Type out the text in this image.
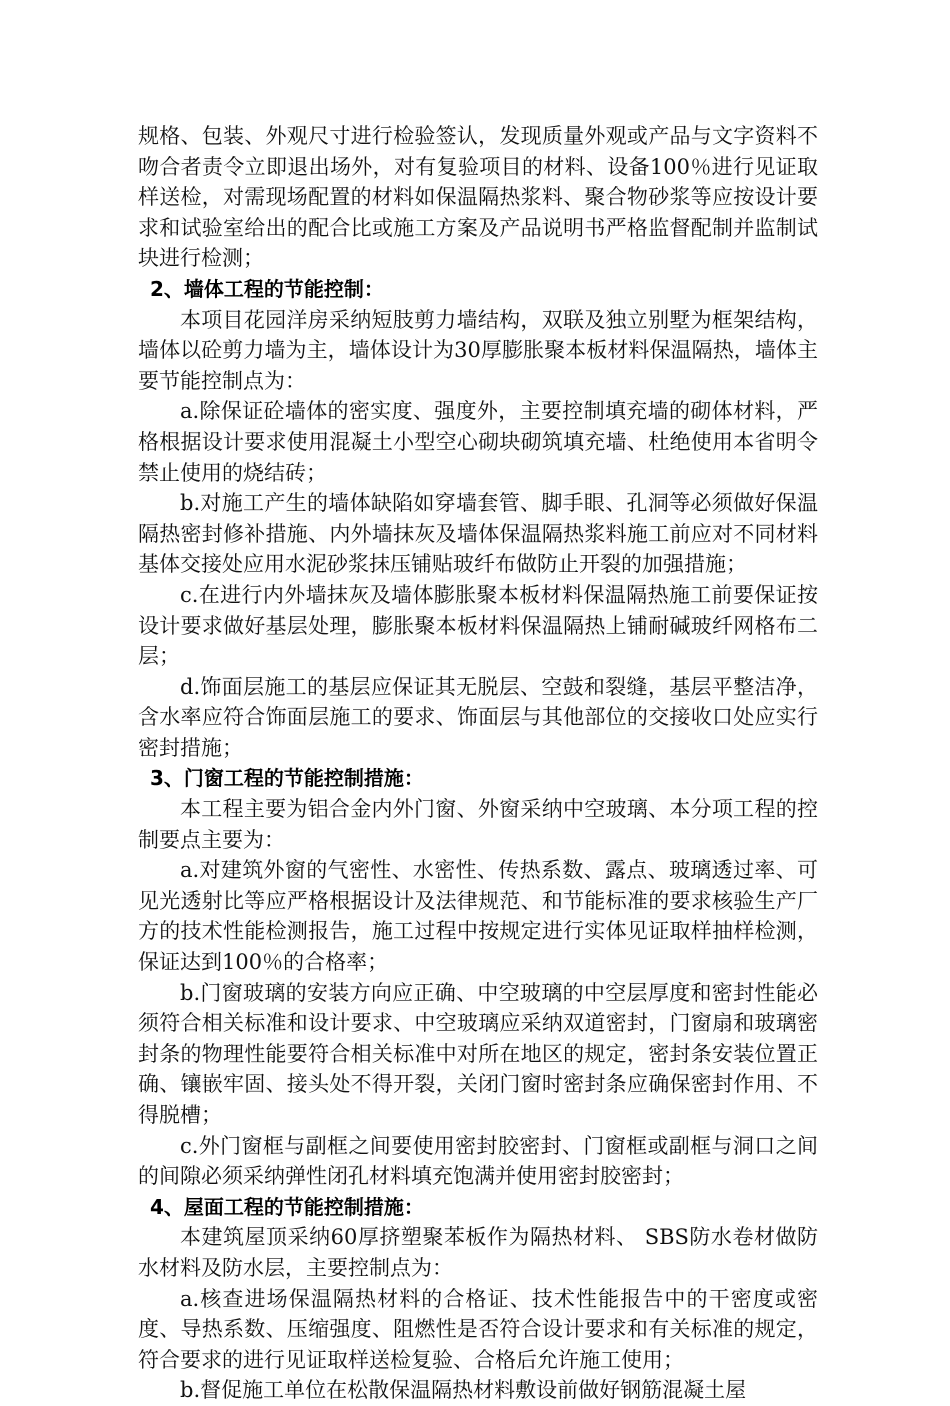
规格、包装、外观尺寸进行检验签认，发现质量外观或产品与文字资料不吻合者责令立即退出场外，对有复验项目的材料、设备100％进行见证取样送检，对需现场配置的材料如保温隔热浆料、聚合物砂浆等应按设计要求和试验室给出的配合比或施工方案及产品说明书严格监督配制并监制试块进行检测；

2、墙体工程的节能控制：

本项目花园洋房采纳短肢剪力墙结构，双联及独立别墅为框架结构，墙体以砼剪力墙为主，墙体设计为30厚膨胀聚本板材料保温隔热，墙体主要节能控制点为：

a.除保证砼墙体的密实度、强度外，主要控制填充墙的砌体材料，严格根据设计要求使用混凝土小型空心砌块砌筑填充墙、杜绝使用本省明令禁止使用的烧结砖；

b.对施工产生的墙体缺陷如穿墙套管、脚手眼、孔洞等必须做好保温隔热密封修补措施、内外墙抹灰及墙体保温隔热浆料施工前应对不同材料基体交接处应用水泥砂浆抹压铺贴玻纤布做防止开裂的加强措施；

c.在进行内外墙抹灰及墙体膨胀聚本板材料保温隔热施工前要保证按设计要求做好基层处理，膨胀聚本板材料保温隔热上铺耐碱玻纤网格布二层；

d.饰面层施工的基层应保证其无脱层、空鼓和裂缝，基层平整洁净，含水率应符合饰面层施工的要求、饰面层与其他部位的交接收口处应实行密封措施；

3、门窗工程的节能控制措施：

本工程主要为铝合金内外门窗、外窗采纳中空玻璃、本分项工程的控制要点主要为：

a.对建筑外窗的气密性、水密性、传热系数、露点、玻璃透过率、可见光透射比等应严格根据设计及法律规范、和节能标准的要求核验生产厂方的技术性能检测报告，施工过程中按规定进行实体见证取样抽样检测，保证达到100％的合格率；

b.门窗玻璃的安装方向应正确、中空玻璃的中空层厚度和密封性能必须符合相关标准和设计要求、中空玻璃应采纳双道密封，门窗扇和玻璃密封条的物理性能要符合相关标准中对所在地区的规定，密封条安装位置正确、镶嵌牢固、接头处不得开裂，关闭门窗时密封条应确保密封作用、不得脱槽；

c.外门窗框与副框之间要使用密封胶密封、门窗框或副框与洞口之间的间隙必须采纳弹性闭孔材料填充饱满并使用密封胶密封；

4、屋面工程的节能控制措施：

本建筑屋顶采纳60厚挤塑聚苯板作为隔热材料、 SBS防水卷材做防水材料及防水层，主要控制点为：

a.核查进场保温隔热材料的合格证、技术性能报告中的干密度或密度、导热系数、压缩强度、阻燃性是否符合设计要求和有关标准的规定，符合要求的进行见证取样送检复验、合格后允许施工使用；

b.督促施工单位在松散保温隔热材料敷设前做好钢筋混凝土屋
